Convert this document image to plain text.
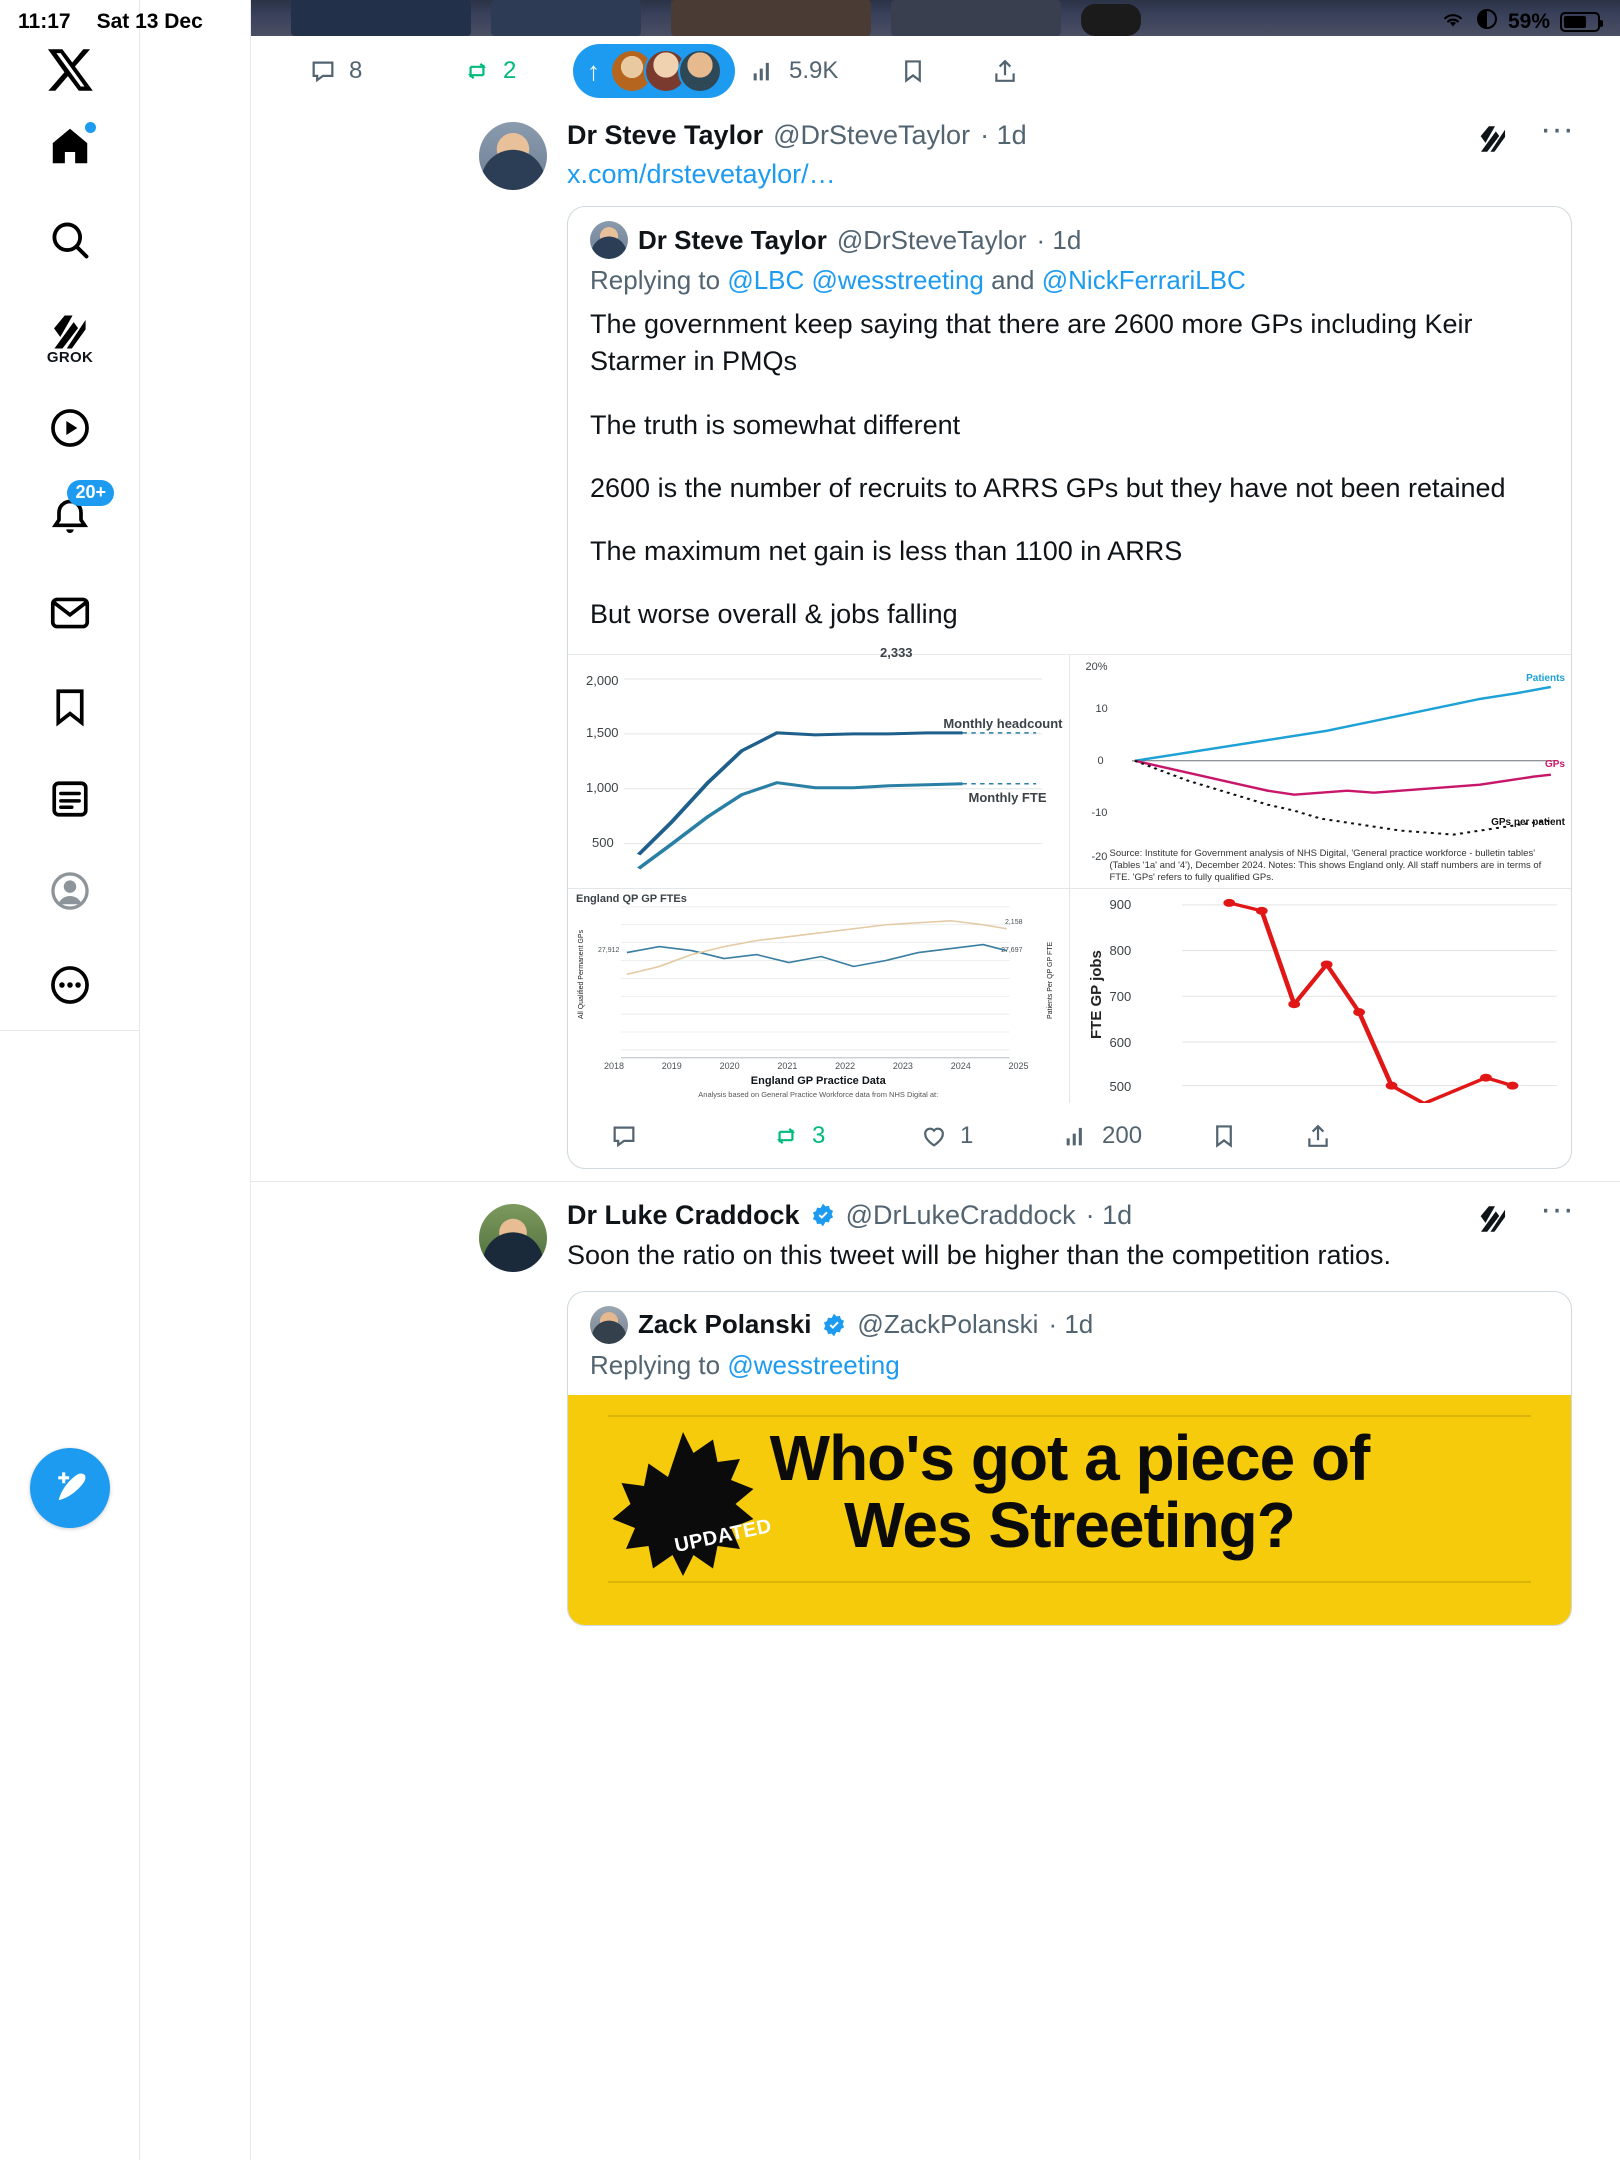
11:17 Sat 13 Dec	59%
GROK
20+
8	2	↑	5.9K
Dr Steve Taylor @DrSteveTaylor · 1d	···
x.com/drstevetaylor/…
Dr Steve Taylor @DrSteveTaylor · 1d
Replying to @LBC @wesstreeting and @NickFerrariLBC

The government keep saying that there are 2600 more GPs including Keir Starmer in PMQs

The truth is somewhat different

2600 is the number of recruits to ARRS GPs but they have not been retained

The maximum net gain is less than 1100 in ARRS

But worse overall & jobs falling

2,000
1,500
1,000
500
2,333
Monthly headcount
Monthly FTE
20%
10
0
-10
-20
Patients
GPs
GPs per patient
Source: Institute for Government analysis of NHS Digital, 'General practice workforce - bulletin tables' (Tables '1a' and '4'), December 2024. Notes: This shows England only. All staff numbers are in terms of FTE. 'GPs' refers to fully qualified GPs.
England QP GP FTEs
All Qualified Permanent GPs	Patients Per QP GP FTE
27,912	27,697
2,158
2018	2019	2020	2021	2022	2023	2024	2025
England GP Practice Data
Analysis based on General Practice Workforce data from NHS Digital at:
FTE GP jobs
900
800
700
600
500
3	1	200
Dr Luke Craddock @DrLukeCraddock · 1d	···
Soon the ratio on this tweet will be higher than the competition ratios.
Zack Polanski @ZackPolanski · 1d
Replying to @wesstreeting
UPDATED
Who's got a piece of
Wes Streeting?
